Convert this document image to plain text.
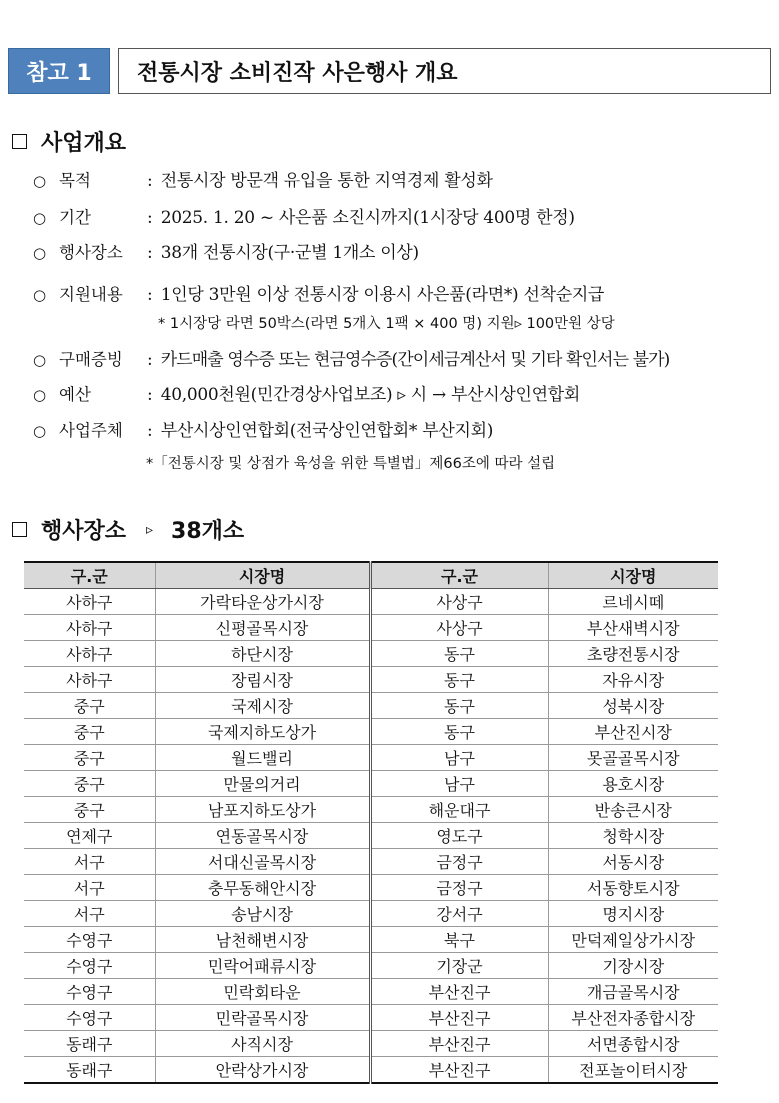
참고 1	전통시장 소비진작 사은행사 개요
사업개요
○ 목적	: 전통시장 방문객 유입을 통한 지역경제 활성화
○ 기간	: 2025. 1. 20 ~ 사은품 소진시까지(1시장당 400명 한정)
○ 행사장소	: 38개 전통시장(구·군별 1개소 이상)
○ 지원내용	: 1인당 3만원 이상 전통시장 이용시 사은품(라면*) 선착순지급
* 1시장당 라면 50박스(라면 5개入 1팩 × 400 명) 지원▹ 100만원 상당
○ 구매증빙	: 카드매출 영수증 또는 현금영수증(간이세금계산서 및 기타 확인서는 불가)
○ 예산	: 40,000천원(민간경상사업보조) ▹ 시 → 부산시상인연합회
○ 사업주체	: 부산시상인연합회(전국상인연합회* 부산지회)
*「전통시장 및 상점가 육성을 위한 특별법」제66조에 따라 설립
행사장소 ▹ 38개소
구.군	시장명	구.군	시장명
사하구	가락타운상가시장	사상구	르네시떼
사하구	신평골목시장	사상구	부산새벽시장
사하구	하단시장	동구	초량전통시장
사하구	장림시장	동구	자유시장
중구	국제시장	동구	성북시장
중구	국제지하도상가	동구	부산진시장
중구	월드밸리	남구	못골골목시장
중구	만물의거리	남구	용호시장
중구	남포지하도상가	해운대구	반송큰시장
연제구	연동골목시장	영도구	청학시장
서구	서대신골목시장	금정구	서동시장
서구	충무동해안시장	금정구	서동향토시장
서구	송남시장	강서구	명지시장
수영구	남천해변시장	북구	만덕제일상가시장
수영구	민락어패류시장	기장군	기장시장
수영구	민락회타운	부산진구	개금골목시장
수영구	민락골목시장	부산진구	부산전자종합시장
동래구	사직시장	부산진구	서면종합시장
동래구	안락상가시장	부산진구	전포놀이터시장
